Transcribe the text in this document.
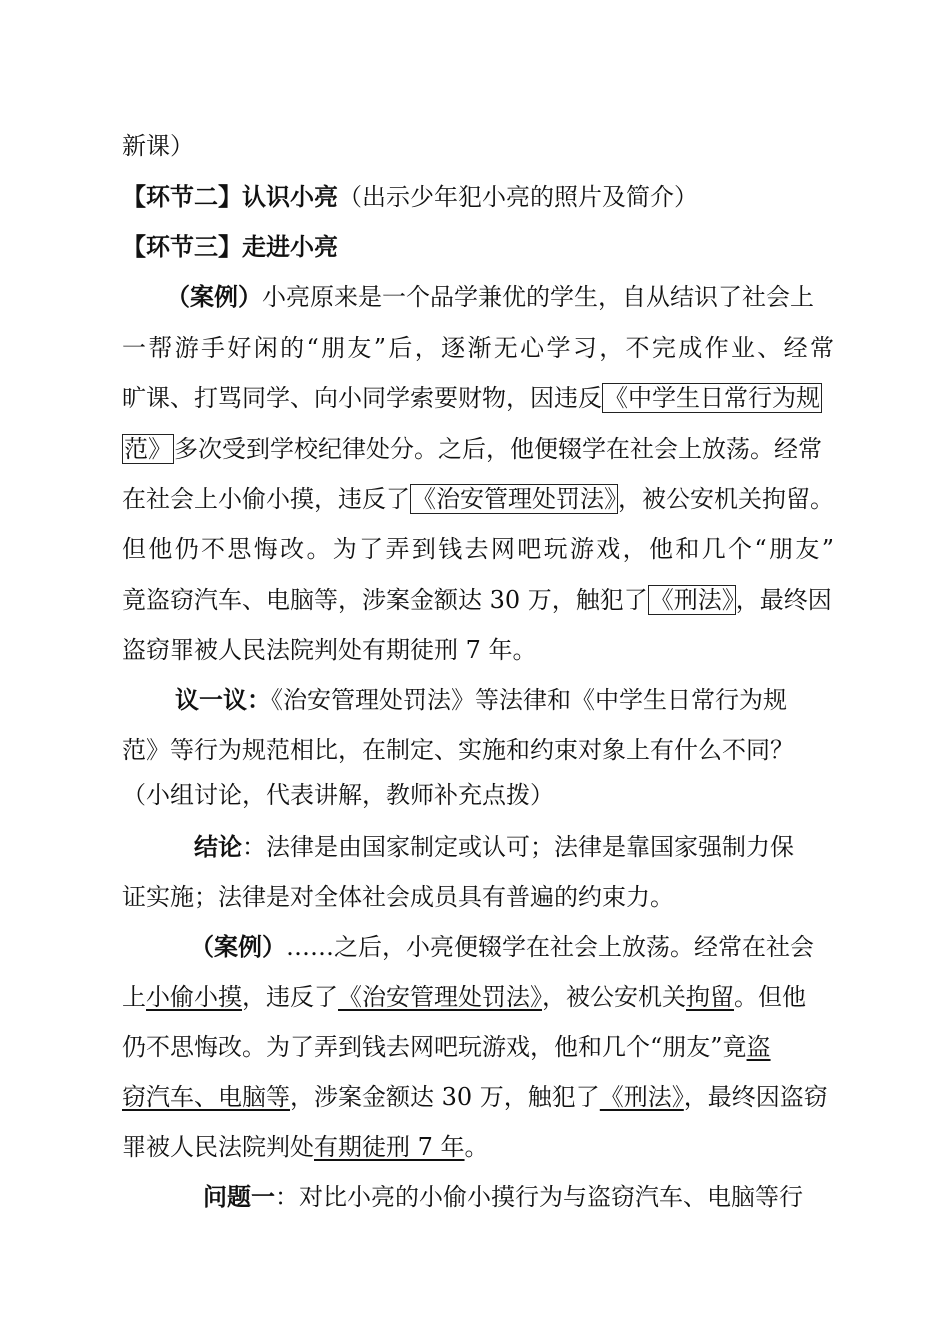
新课）
【环节二】认识小亮（出示少年犯小亮的照片及简介）
【环节三】走进小亮
（案例）小亮原来是一个品学兼优的学生，自从结识了社会上
一帮游手好闲的“朋友”后，逐渐无心学习，不完成作业、经常
旷课、打骂同学、向小同学索要财物，因违反《中学生日常行为规
范》多次受到学校纪律处分。之后，他便辍学在社会上放荡。经常
在社会上小偷小摸，违反了《治安管理处罚法》，被公安机关拘留。
但他仍不思悔改。为了弄到钱去网吧玩游戏，他和几个“朋友”
竟盗窃汽车、电脑等，涉案金额达 30 万，触犯了《刑法》，最终因
盗窃罪被人民法院判处有期徒刑 7 年。
议一议：《治安管理处罚法》等法律和《中学生日常行为规
范》等行为规范相比，在制定、实施和约束对象上有什么不同？
（小组讨论，代表讲解，教师补充点拨）
结论：法律是由国家制定或认可；法律是靠国家强制力保
证实施；法律是对全体社会成员具有普遍的约束力。
（案例）……之后，小亮便辍学在社会上放荡。经常在社会
上小偷小摸，违反了《治安管理处罚法》，被公安机关拘留。但他
仍不思悔改。为了弄到钱去网吧玩游戏，他和几个“朋友”竟盗
窃汽车、电脑等，涉案金额达 30 万，触犯了《刑法》，最终因盗窃
罪被人民法院判处有期徒刑 7 年。
问题一：对比小亮的小偷小摸行为与盗窃汽车、电脑等行
